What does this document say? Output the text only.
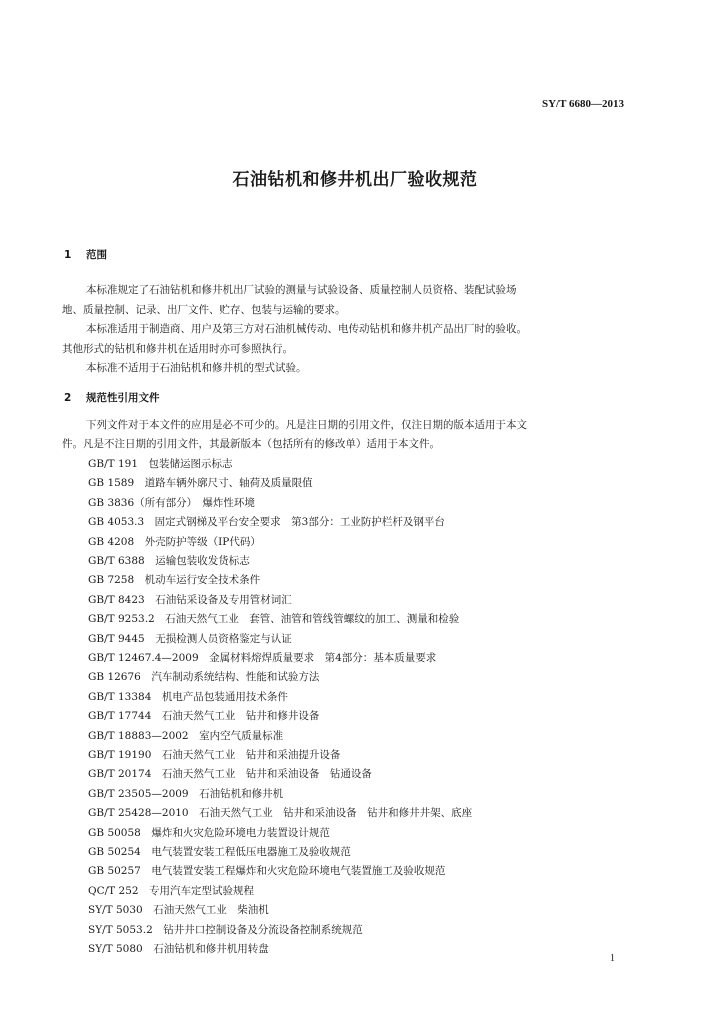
SY/T 6680—2013
石油钻机和修井机出厂验收规范
1 范围
本标准规定了石油钻机和修井机出厂试验的测量与试验设备、质量控制人员资格、装配试验场
地、质量控制、记录、出厂文件、贮存、包装与运输的要求。
本标准适用于制造商、用户及第三方对石油机械传动、电传动钻机和修井机产品出厂时的验收。
其他形式的钻机和修井机在适用时亦可参照执行。
本标准不适用于石油钻机和修井机的型式试验。
2 规范性引用文件
下列文件对于本文件的应用是必不可少的。凡是注日期的引用文件，仅注日期的版本适用于本文
件。凡是不注日期的引用文件，其最新版本（包括所有的修改单）适用于本文件。
GB/T 191　包装储运图示标志
GB 1589　道路车辆外廓尺寸、轴荷及质量限值
GB 3836（所有部分）　爆炸性环境
GB 4053.3　固定式钢梯及平台安全要求　第3部分：工业防护栏杆及钢平台
GB 4208　外壳防护等级（IP代码）
GB/T 6388　运输包装收发货标志
GB 7258　机动车运行安全技术条件
GB/T 8423　石油钻采设备及专用管材词汇
GB/T 9253.2　石油天然气工业　套管、油管和管线管螺纹的加工、测量和检验
GB/T 9445　无损检测人员资格鉴定与认证
GB/T 12467.4—2009　金属材料熔焊质量要求　第4部分：基本质量要求
GB 12676　汽车制动系统结构、性能和试验方法
GB/T 13384　机电产品包装通用技术条件
GB/T 17744　石油天然气工业　钻井和修井设备
GB/T 18883—2002　室内空气质量标准
GB/T 19190　石油天然气工业　钻井和采油提升设备
GB/T 20174　石油天然气工业　钻井和采油设备　钻通设备
GB/T 23505—2009　石油钻机和修井机
GB/T 25428—2010　石油天然气工业　钻井和采油设备　钻井和修井井架、底座
GB 50058　爆炸和火灾危险环境电力装置设计规范
GB 50254　电气装置安装工程低压电器施工及验收规范
GB 50257　电气装置安装工程爆炸和火灾危险环境电气装置施工及验收规范
QC/T 252　专用汽车定型试验规程
SY/T 5030　石油天然气工业　柴油机
SY/T 5053.2　钻井井口控制设备及分流设备控制系统规范
SY/T 5080　石油钻机和修井机用转盘
1
